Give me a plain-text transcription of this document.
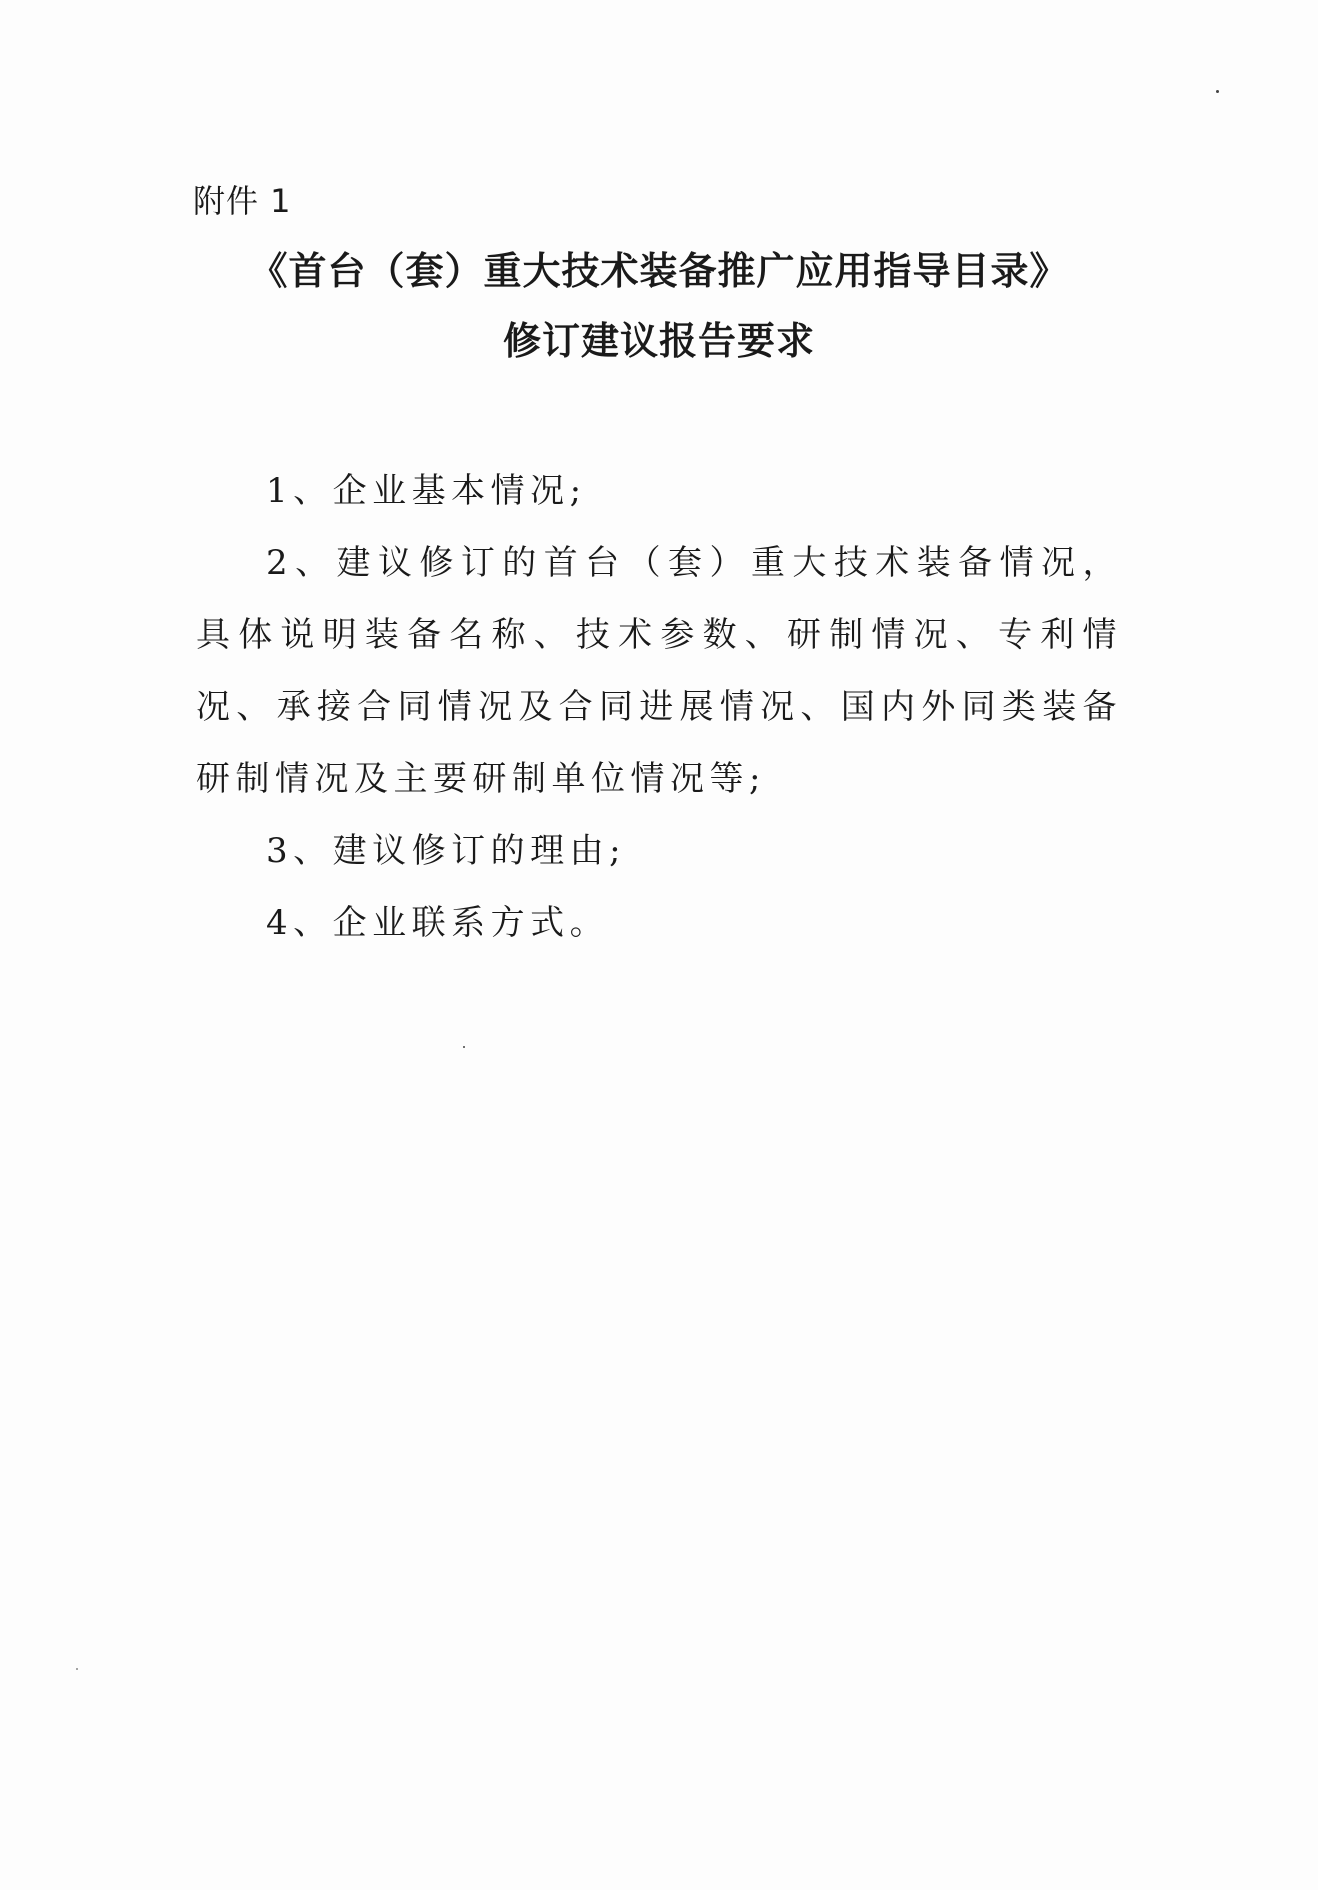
附件 1
《首台（套）重大技术装备推广应用指导目录》
修订建议报告要求

1、企业基本情况;

2、建议修订的首台（套）重大技术装备情况，具体说明装备名称、技术参数、研制情况、专利情况、承接合同情况及合同进展情况、国内外同类装备研制情况及主要研制单位情况等;

3、建议修订的理由;

4、企业联系方式。
